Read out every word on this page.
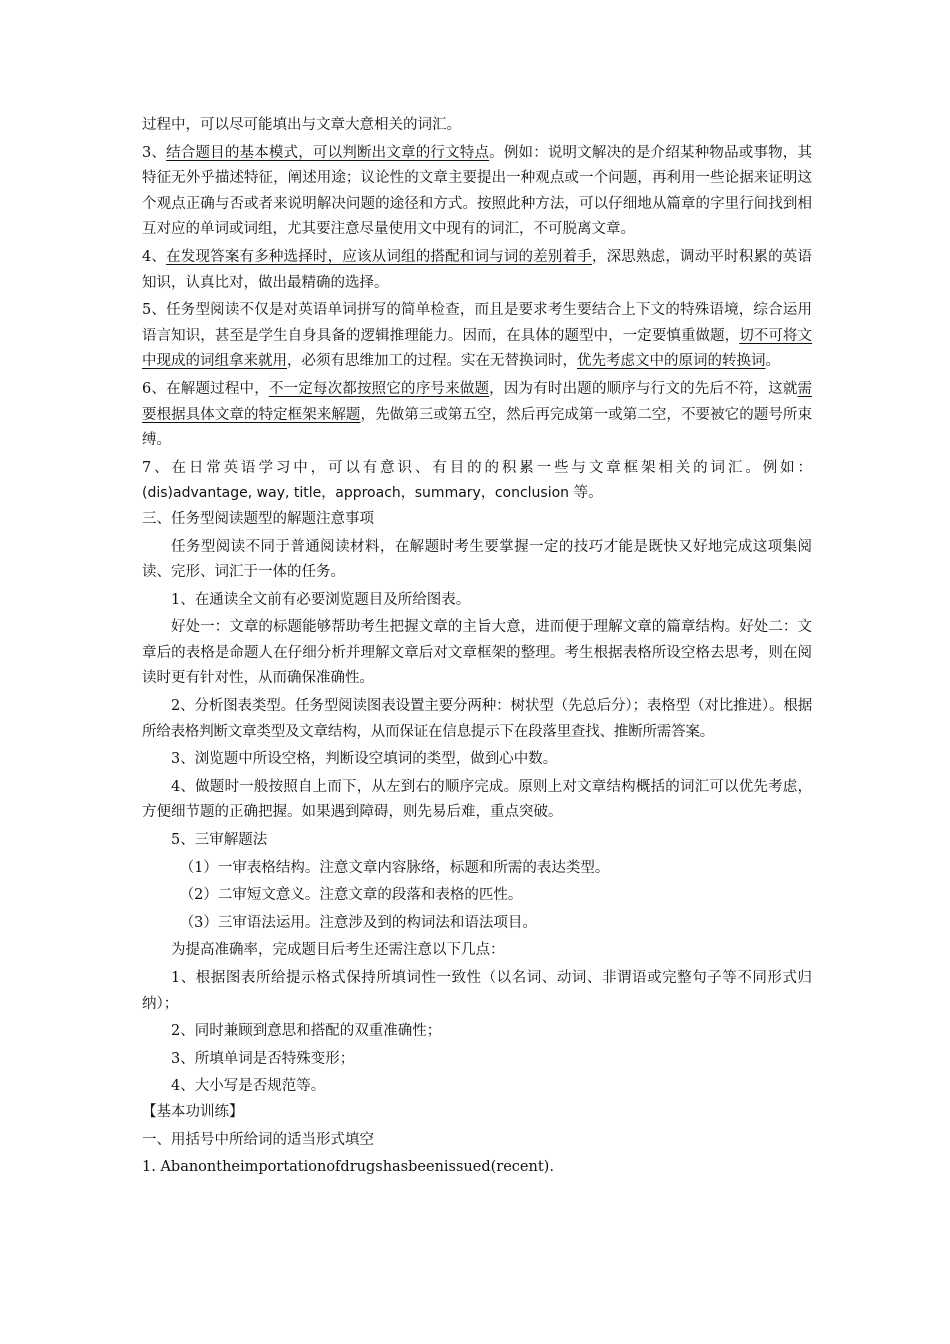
过程中，可以尽可能填出与文章大意相关的词汇。

3、结合题目的基本模式，可以判断出文章的行文特点。例如：说明文解决的是介绍某种物品或事物，其特征无外乎描述特征，阐述用途；议论性的文章主要提出一种观点或一个问题，再利用一些论据来证明这个观点正确与否或者来说明解决问题的途径和方式。按照此种方法，可以仔细地从篇章的字里行间找到相互对应的单词或词组，尤其要注意尽量使用文中现有的词汇，不可脱离文章。

4、在发现答案有多种选择时，应该从词组的搭配和词与词的差别着手，深思熟虑，调动平时积累的英语知识，认真比对，做出最精确的选择。

5、任务型阅读不仅是对英语单词拼写的简单检查，而且是要求考生要结合上下文的特殊语境，综合运用语言知识，甚至是学生自身具备的逻辑推理能力。因而，在具体的题型中，一定要慎重做题，切不可将文中现成的词组拿来就用，必须有思维加工的过程。实在无替换词时，优先考虑文中的原词的转换词。

6、在解题过程中，不一定每次都按照它的序号来做题，因为有时出题的顺序与行文的先后不符，这就需要根据具体文章的特定框架来解题，先做第三或第五空，然后再完成第一或第二空，不要被它的题号所束缚。

7、在日常英语学习中，可以有意识、有目的的积累一些与文章框架相关的词汇。例如：(dis)advantage, way, title，approach，summary，conclusion 等。

三、任务型阅读题型的解题注意事项

任务型阅读不同于普通阅读材料，在解题时考生要掌握一定的技巧才能是既快又好地完成这项集阅读、完形、词汇于一体的任务。

1、在通读全文前有必要浏览题目及所给图表。

好处一：文章的标题能够帮助考生把握文章的主旨大意，进而便于理解文章的篇章结构。好处二：文章后的表格是命题人在仔细分析并理解文章后对文章框架的整理。考生根据表格所设空格去思考，则在阅读时更有针对性，从而确保准确性。

2、分析图表类型。任务型阅读图表设置主要分两种：树状型（先总后分）；表格型（对比推进）。根据所给表格判断文章类型及文章结构，从而保证在信息提示下在段落里查找、推断所需答案。

3、浏览题中所设空格，判断设空填词的类型，做到心中数。

4、做题时一般按照自上而下，从左到右的顺序完成。原则上对文章结构概括的词汇可以优先考虑，方便细节题的正确把握。如果遇到障碍，则先易后难，重点突破。

5、三审解题法

（1）一审表格结构。注意文章内容脉络，标题和所需的表达类型。

（2）二审短文意义。注意文章的段落和表格的匹性。

（3）三审语法运用。注意涉及到的构词法和语法项目。

为提高准确率，完成题目后考生还需注意以下几点：

1、根据图表所给提示格式保持所填词性一致性（以名词、动词、非谓语或完整句子等不同形式归纳）；

2、同时兼顾到意思和搭配的双重准确性；

3、所填单词是否特殊变形；

4、大小写是否规范等。

【基本功训练】

一、用括号中所给词的适当形式填空

1. Abanontheimportationofdrugshasbeenissued(recent).
